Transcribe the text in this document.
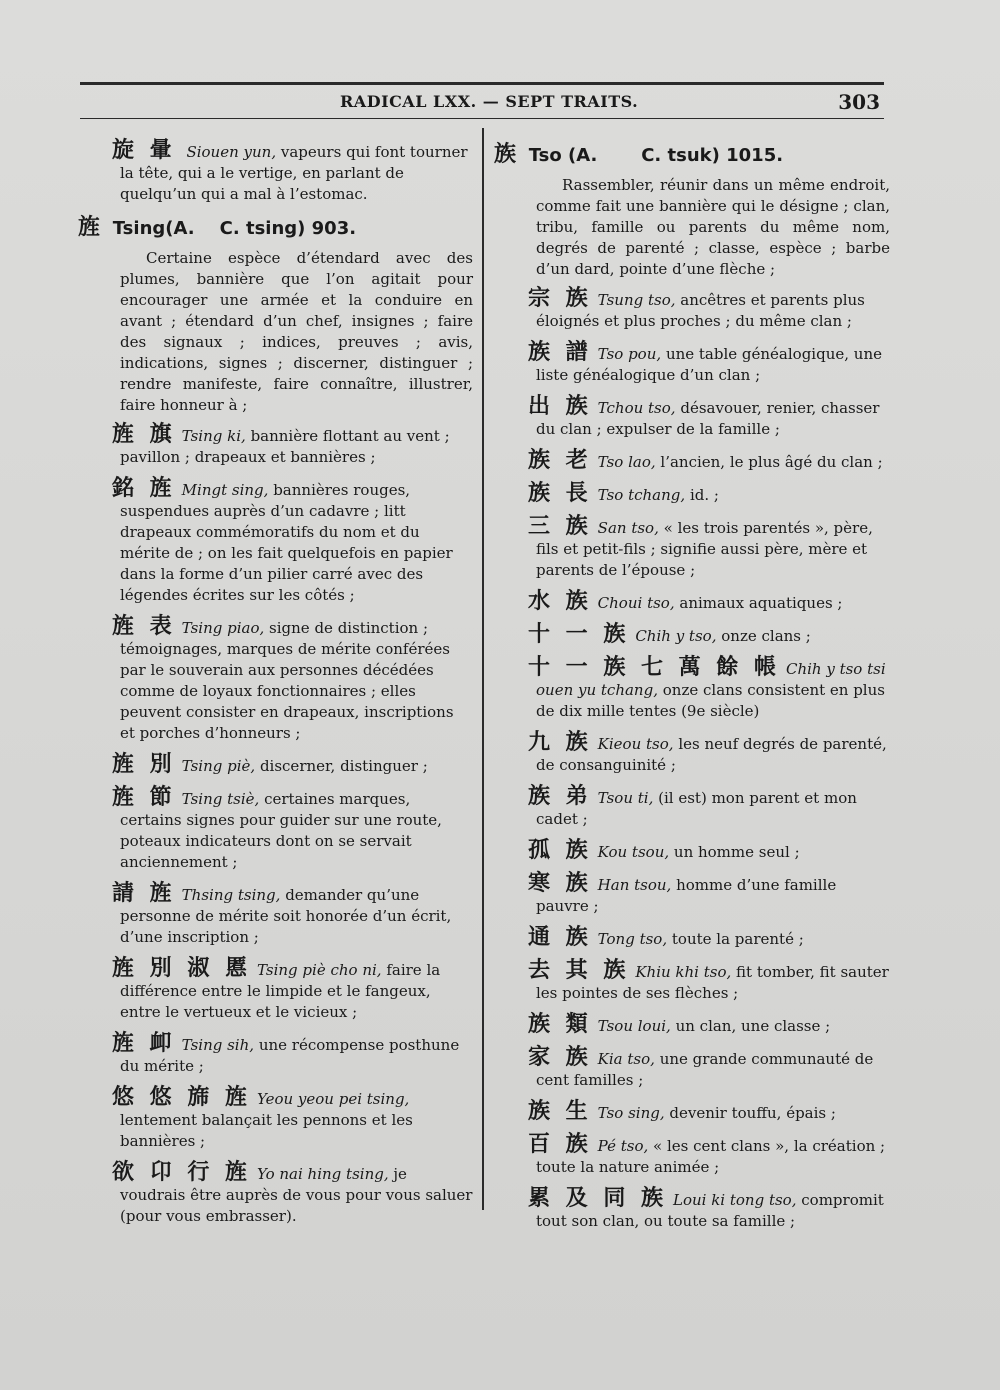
RADICAL LXX. — SEPT TRAITS.	303
旋 暈 Siouen yun, vapeurs qui font tourner la tête, qui a le vertige, en parlant de quelqu’un qui a mal à l’estomac.
旌 Tsing(A.    C. tsing) 903.
Certaine espèce d’étendard avec des plumes, bannière que l’on agitait pour encourager une armée et la conduire en avant ; étendard d’un chef, insignes ; faire des signaux ; indices, preuves ; avis, indications, signes ; discerner, distinguer ; rendre manifeste, faire connaître, illustrer, faire honneur à ;
旌 旗 Tsing ki, bannière flottant au vent ; pavillon ; drapeaux et bannières ;
銘 旌 Mingt sing, bannières rouges, suspendues auprès d’un cadavre ; litt drapeaux commémoratifs du nom et du mérite de ; on les fait quelquefois en papier dans la forme d’un pilier carré avec des légendes écrites sur les côtés ;
旌 表 Tsing piao, signe de distinction ; témoignages, marques de mérite conférées par le souverain aux personnes décédées comme de loyaux fonctionnaires ; elles peuvent consister en drapeaux, inscriptions et porches d’honneurs ;
旌 別 Tsing piè, discerner, distinguer ;
旌 節 Tsing tsiè, certaines marques, certains signes pour guider sur une route, poteaux indicateurs dont on se servait anciennement ;
請 旌 Thsing tsing, demander qu’une personne de mérite soit honorée d’un écrit, d’une inscription ;
旌 別 淑 慝 Tsing piè cho ni, faire la différence entre le limpide et le fangeux, entre le vertueux et le vicieux ;
旌 卹 Tsing sih, une récompense posthune du mérite ;
悠 悠 旆 旌 Yeou yeou pei tsing, lentement balançait les pennons et les bannières ;
欲 卬 行 旌 Yo nai hing tsing, je voudrais être auprès de vous pour vous saluer (pour vous embrasser).
族 Tso (A.       C. tsuk) 1015.
Rassembler, réunir dans un même endroit, comme fait une bannière qui le désigne ; clan, tribu, famille ou parents du même nom, degrés de parenté ; classe, espèce ; barbe d’un dard, pointe d’une flèche ;
宗 族 Tsung tso, ancêtres et parents plus éloignés et plus proches ; du même clan ;
族 譜 Tso pou, une table généalogique, une liste généalogique d’un clan ;
出 族 Tchou tso, désavouer, renier, chasser du clan ; expulser de la famille ;
族 老 Tso lao, l’ancien, le plus âgé du clan ;
族 長 Tso tchang, id. ;
三 族 San tso, « les trois parentés », père, fils et petit-fils ; signifie aussi père, mère et parents de l’épouse ;
水 族 Choui tso, animaux aquatiques ;
十 一 族 Chih y tso, onze clans ;
十 一 族 七 萬 餘 帳 Chih y tso tsi ouen yu tchang, onze clans consistent en plus de dix mille tentes (9e siècle)
九 族 Kieou tso, les neuf degrés de parenté, de consanguinité ;
族 弟 Tsou ti, (il est) mon parent et mon cadet ;
孤 族 Kou tsou, un homme seul ;
寒 族 Han tsou, homme d’une famille pauvre ;
通 族 Tong tso, toute la parenté ;
去 其 族 Khiu khi tso, fit tomber, fit sauter les pointes de ses flèches ;
族 類 Tsou loui, un clan, une classe ;
家 族 Kia tso, une grande communauté de cent familles ;
族 生 Tso sing, devenir touffu, épais ;
百 族 Pé tso, « les cent clans », la création ; toute la nature animée ;
累 及 同 族 Loui ki tong tso, compromit tout son clan, ou toute sa famille ;
